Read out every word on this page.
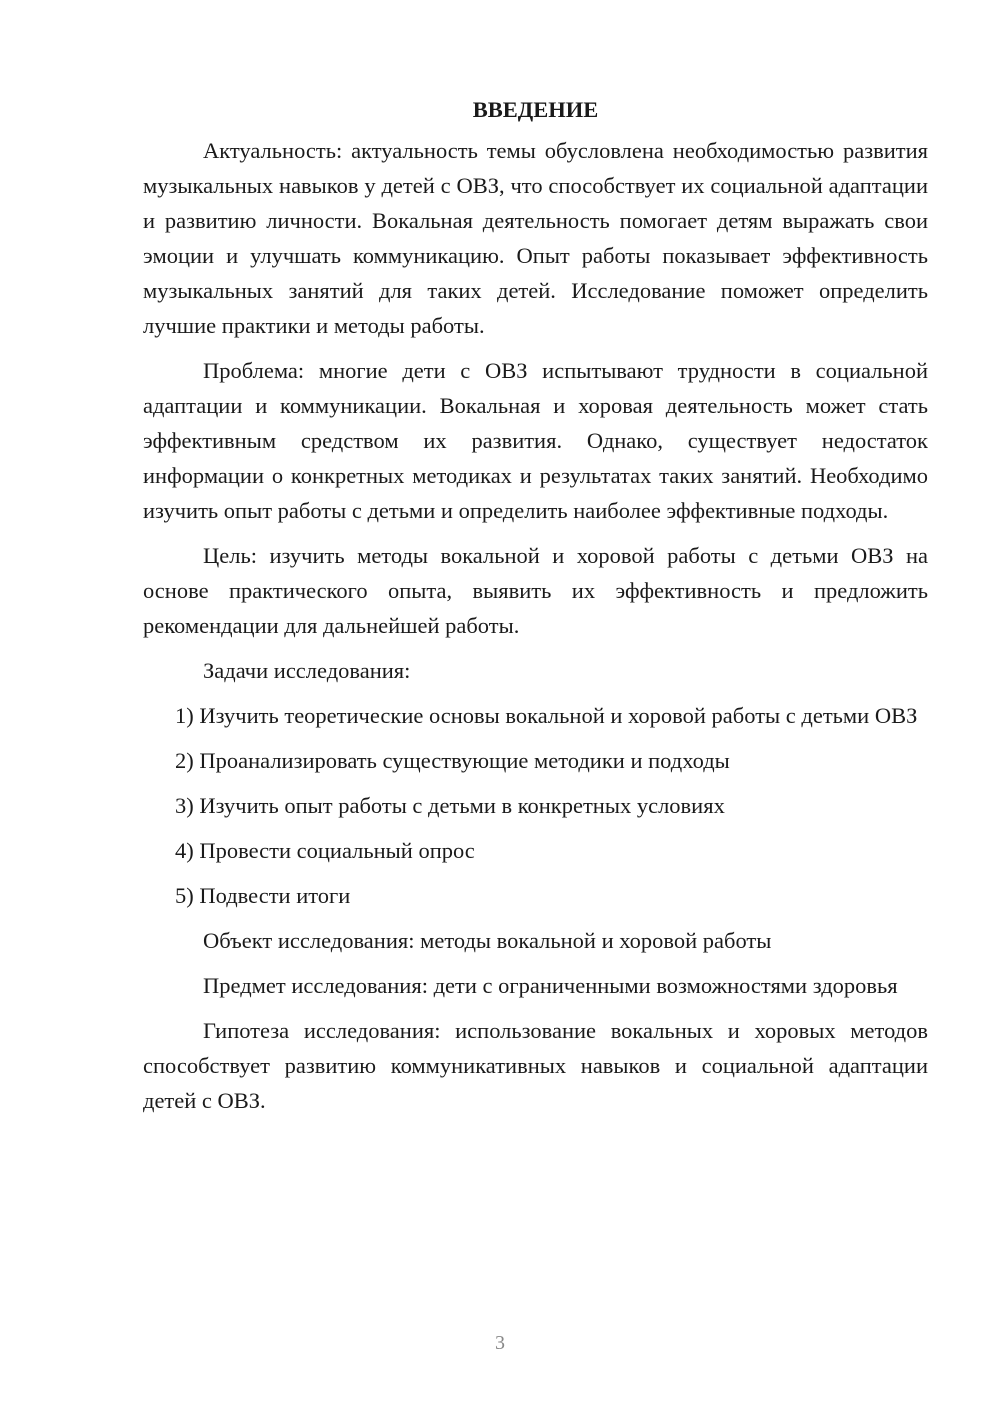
ВВЕДЕНИЕ
Актуальность: актуальность темы обусловлена необходимостью развития музыкальных навыков у детей с ОВЗ, что способствует их социальной адаптации и развитию личности. Вокальная деятельность помогает детям выражать свои эмоции и улучшать коммуникацию. Опыт работы показывает эффективность музыкальных занятий для таких детей. Исследование поможет определить лучшие практики и методы работы.
Проблема: многие дети с ОВЗ испытывают трудности в социальной адаптации и коммуникации. Вокальная и хоровая деятельность может стать эффективным средством их развития. Однако, существует недостаток информации о конкретных методиках и результатах таких занятий. Необходимо изучить опыт работы с детьми и определить наиболее эффективные подходы.
Цель: изучить методы вокальной и хоровой работы с детьми ОВЗ на основе практического опыта, выявить их эффективность и предложить рекомендации для дальнейшей работы.
Задачи исследования:
1) Изучить теоретические основы вокальной и хоровой работы с детьми ОВЗ
2) Проанализировать существующие методики и подходы
3) Изучить опыт работы с детьми в конкретных условиях
4) Провести социальный опрос
5) Подвести итоги
Объект исследования: методы вокальной и хоровой работы
Предмет исследования: дети с ограниченными возможностями здоровья
Гипотеза исследования: использование вокальных и хоровых методов способствует развитию коммуникативных навыков и социальной адаптации детей с ОВЗ.
3
